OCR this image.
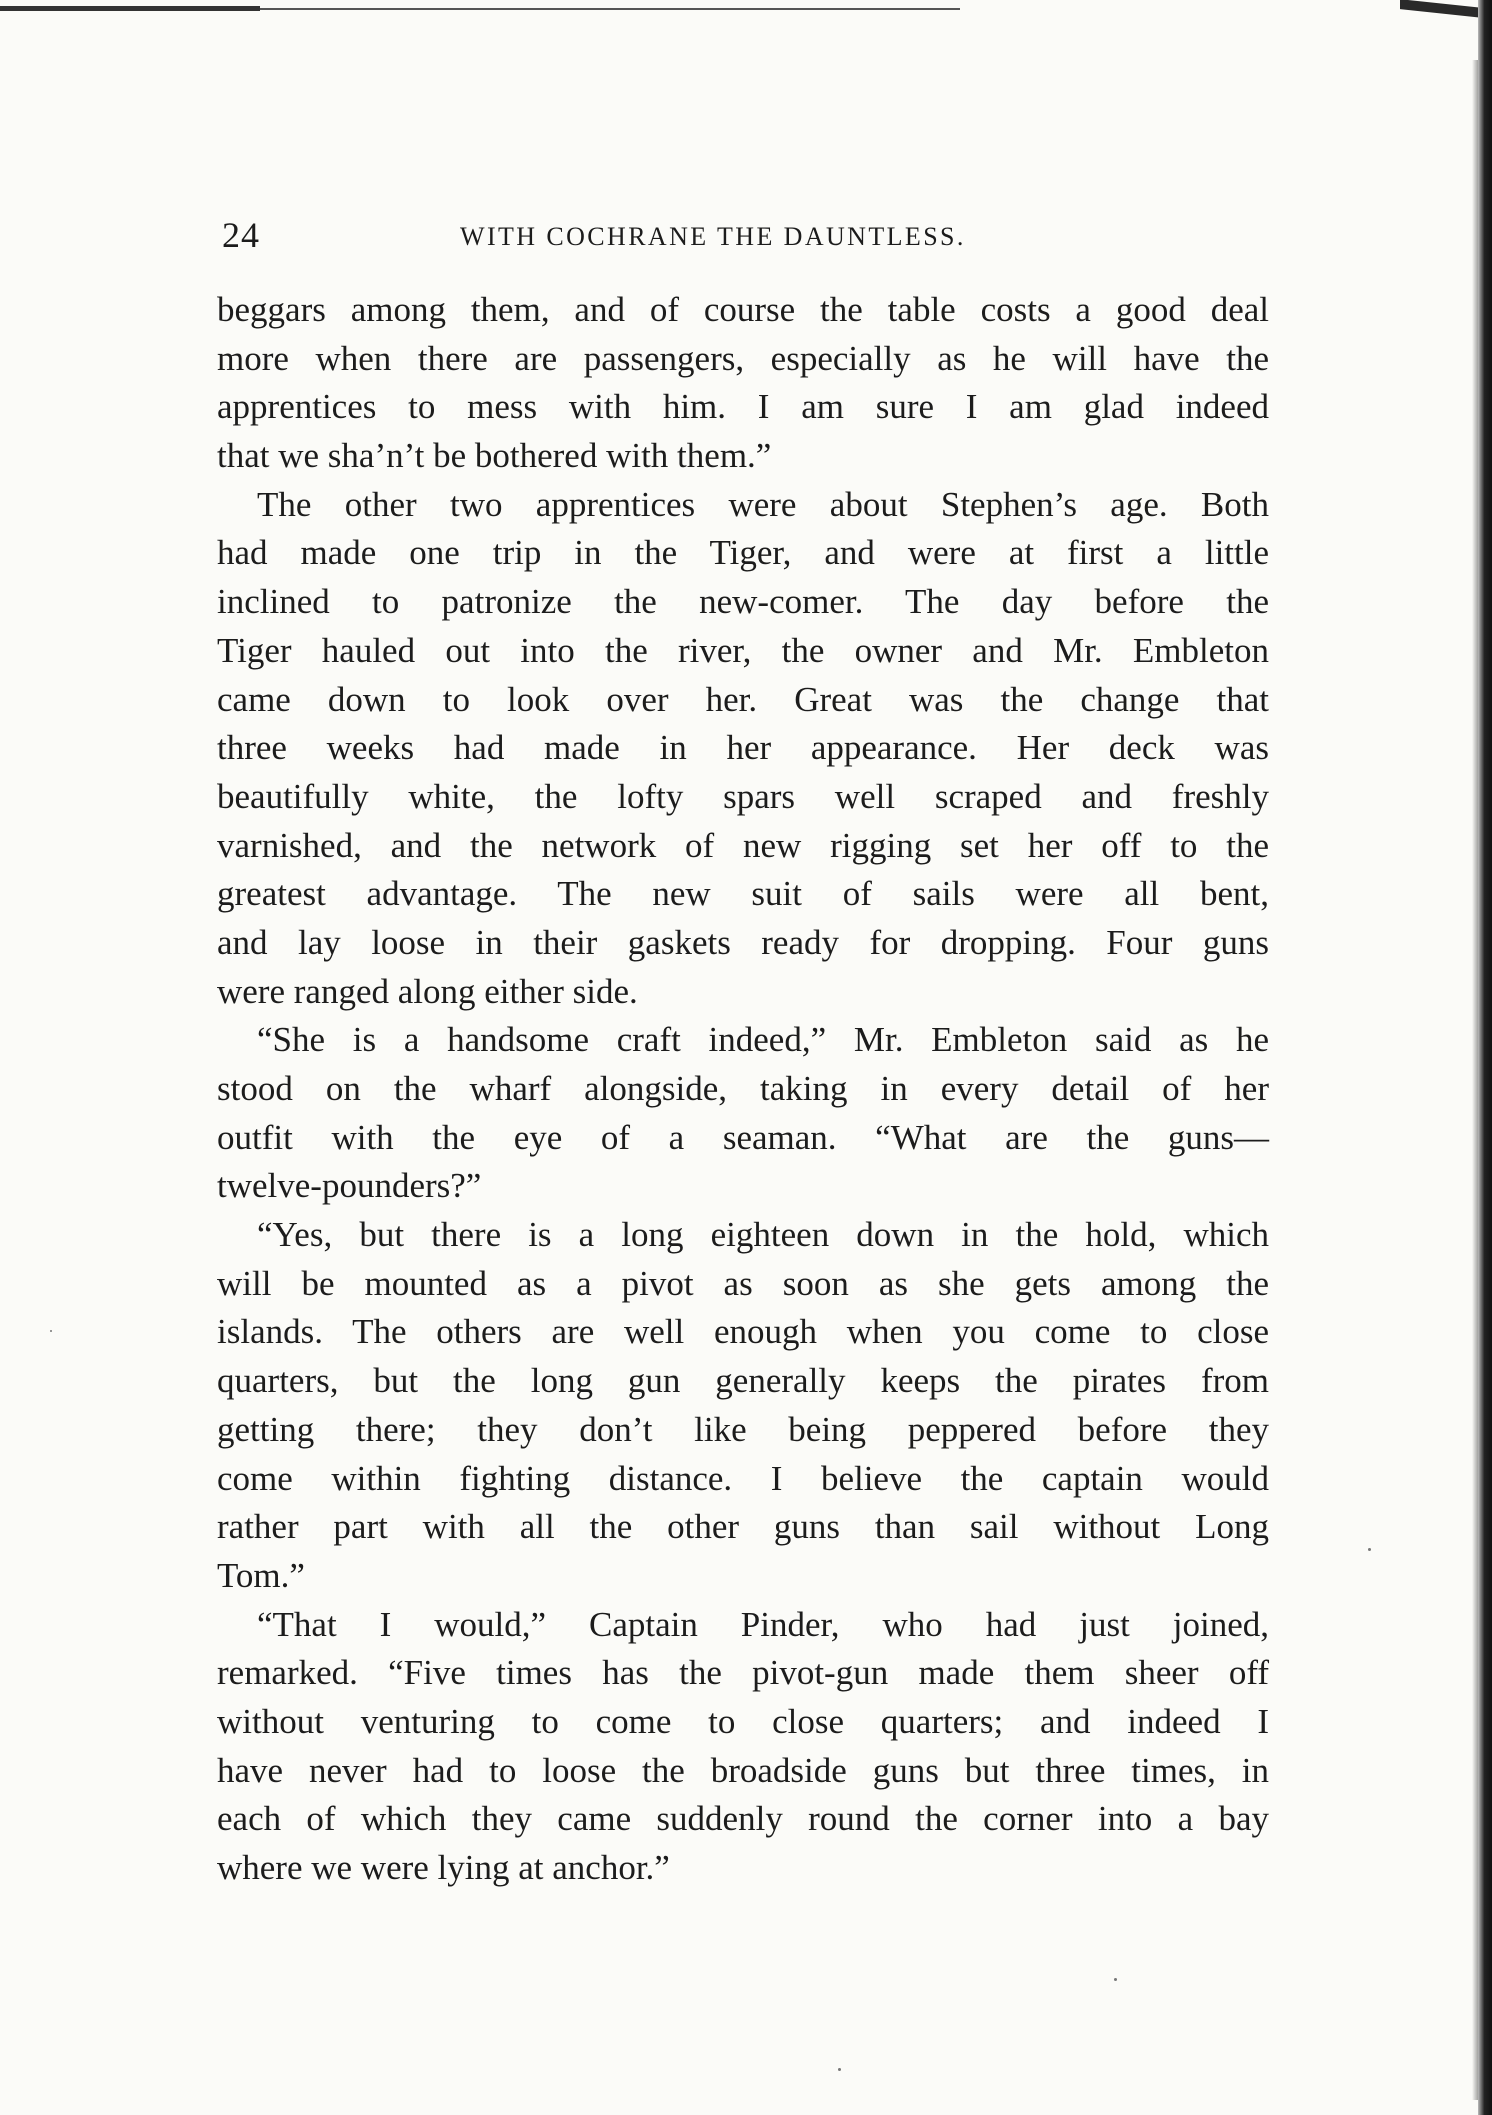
24	WITH COCHRANE THE DAUNTLESS.
beggars among them, and of course the table costs a good deal
more when there are passengers, especially as he will have the
apprentices to mess with him. I am sure I am glad indeed
that we sha’n’t be bothered with them.”
The other two apprentices were about Stephen’s age. Both
had made one trip in the Tiger, and were at first a little
inclined to patronize the new-comer. The day before the
Tiger hauled out into the river, the owner and Mr. Embleton
came down to look over her. Great was the change that
three weeks had made in her appearance. Her deck was
beautifully white, the lofty spars well scraped and freshly
varnished, and the network of new rigging set her off to the
greatest advantage. The new suit of sails were all bent,
and lay loose in their gaskets ready for dropping. Four guns
were ranged along either side.
“She is a handsome craft indeed,” Mr. Embleton said as he
stood on the wharf alongside, taking in every detail of her
outfit with the eye of a seaman. “What are the guns—
twelve-pounders?”
“Yes, but there is a long eighteen down in the hold, which
will be mounted as a pivot as soon as she gets among the
islands. The others are well enough when you come to close
quarters, but the long gun generally keeps the pirates from
getting there; they don’t like being peppered before they
come within fighting distance. I believe the captain would
rather part with all the other guns than sail without Long
Tom.”
“That I would,” Captain Pinder, who had just joined,
remarked. “Five times has the pivot-gun made them sheer off
without venturing to come to close quarters; and indeed I
have never had to loose the broadside guns but three times, in
each of which they came suddenly round the corner into a bay
where we were lying at anchor.”
